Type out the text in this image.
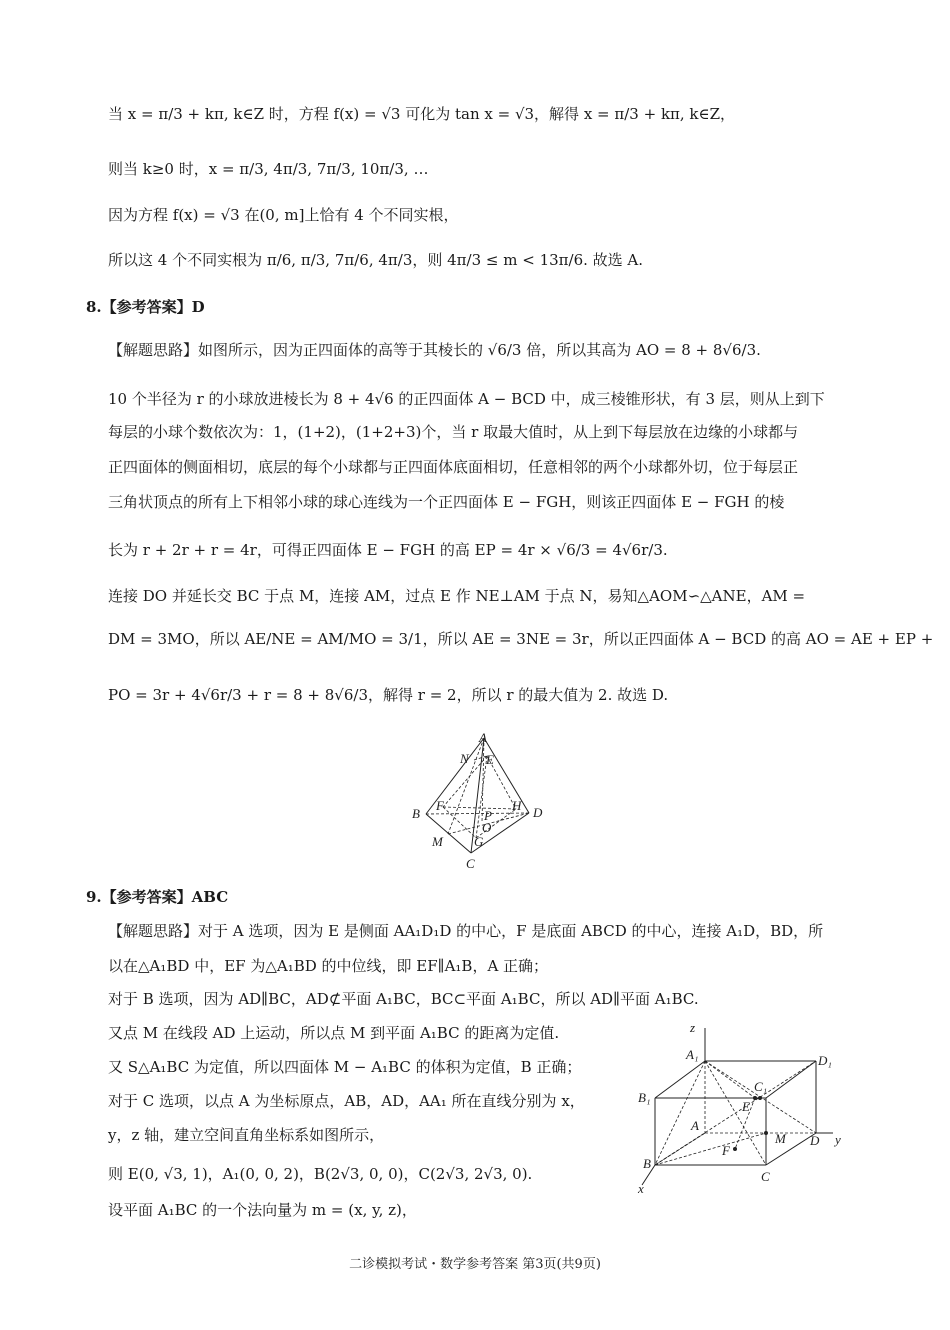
当 x = π/3 + kπ, k∈Z 时，方程 f(x) = √3 可化为 tan x = √3，解得 x = π/3 + kπ, k∈Z，
则当 k≥0 时，x = π/3, 4π/3, 7π/3, 10π/3, …
因为方程 f(x) = √3 在(0, m]上恰有 4 个不同实根，
所以这 4 个不同实根为 π/6, π/3, 7π/6, 4π/3，则 4π/3 ≤ m < 13π/6. 故选 A.
8.【参考答案】D
【解题思路】如图所示，因为正四面体的高等于其棱长的 √6/3 倍，所以其高为 AO = 8 + 8√6/3.
10 个半径为 r 的小球放进棱长为 8 + 4√6 的正四面体 A − BCD 中，成三棱锥形状，有 3 层，则从上到下
每层的小球个数依次为：1，(1+2)，(1+2+3)个，当 r 取最大值时，从上到下每层放在边缘的小球都与
正四面体的侧面相切，底层的每个小球都与正四面体底面相切，任意相邻的两个小球都外切，位于每层正
三角状顶点的所有上下相邻小球的球心连线为一个正四面体 E − FGH，则该正四面体 E − FGH 的棱
长为 r + 2r + r = 4r，可得正四面体 E − FGH 的高 EP = 4r × √6/3 = 4√6r/3.
连接 DO 并延长交 BC 于点 M，连接 AM，过点 E 作 NE⊥AM 于点 N，易知△AOM∽△ANE，AM =
DM = 3MO，所以 AE/NE = AM/MO = 3/1，所以 AE = 3NE = 3r，所以正四面体 A − BCD 的高 AO = AE + EP +
PO = 3r + 4√6r/3 + r = 8 + 8√6/3，解得 r = 2，所以 r 的最大值为 2. 故选 D.
A
N E
B
F	H D
P
O
M G
C
9.【参考答案】ABC
【解题思路】对于 A 选项，因为 E 是侧面 AA₁D₁D 的中心，F 是底面 ABCD 的中心，连接 A₁D，BD，所
以在△A₁BD 中，EF 为△A₁BD 的中位线，即 EF∥A₁B，A 正确；
对于 B 选项，因为 AD∥BC，AD⊄平面 A₁BC，BC⊂平面 A₁BC，所以 AD∥平面 A₁BC.
又点 M 在线段 AD 上运动，所以点 M 到平面 A₁BC 的距离为定值.
又 S△A₁BC 为定值，所以四面体 M − A₁BC 的体积为定值，B 正确；
对于 C 选项，以点 A 为坐标原点，AB，AD，AA₁ 所在直线分别为 x，
y，z 轴，建立空间直角坐标系如图所示，
则 E(0, √3, 1)，A₁(0, 0, 2)，B(2√3, 0, 0)，C(2√3, 2√3, 0).
设平面 A₁BC 的一个法向量为 m = (x, y, z)，
z
A₁	D₁
B₁
C₁
E
A
M D y
F
B
C
x
二诊模拟考试・数学参考答案 第3页(共9页)
